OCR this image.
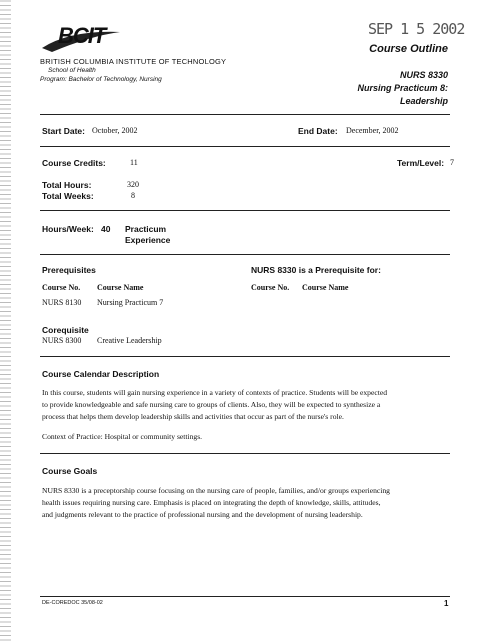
BCIT
BRITISH COLUMBIA INSTITUTE OF TECHNOLOGY
School of Health
Program: Bachelor of Technology, Nursing
SEP 1 5 2002
Course Outline
NURS 8330
Nursing Practicum 8:
Leadership
Start Date: October, 2002	End Date: December, 2002
Course Credits:	11	Term/Level: 7
Total Hours:	320
Total Weeks:	8
Hours/Week: 40 Practicum
Experience
Prerequisites	NURS 8330 is a Prerequisite for:
Course No. Course Name	Course No. Course Name
NURS 8130 Nursing Practicum 7
Corequisite
NURS 8300 Creative Leadership
Course Calendar Description
In this course, students will gain nursing experience in a variety of contexts of practice. Students will be expected
to provide knowledgeable and safe nursing care to groups of clients. Also, they will be expected to synthesize a
process that helps them develop leadership skills and activities that occur as part of the nurse's role.
Context of Practice: Hospital or community settings.
Course Goals
NURS 8330 is a preceptorship course focusing on the nursing care of people, families, and/or groups experiencing
health issues requiring nursing care. Emphasis is placed on integrating the depth of knowledge, skills, attitudes,
and judgments relevant to the practice of professional nursing and the development of nursing leadership.
DE-COREDOC 35/08-02	1
